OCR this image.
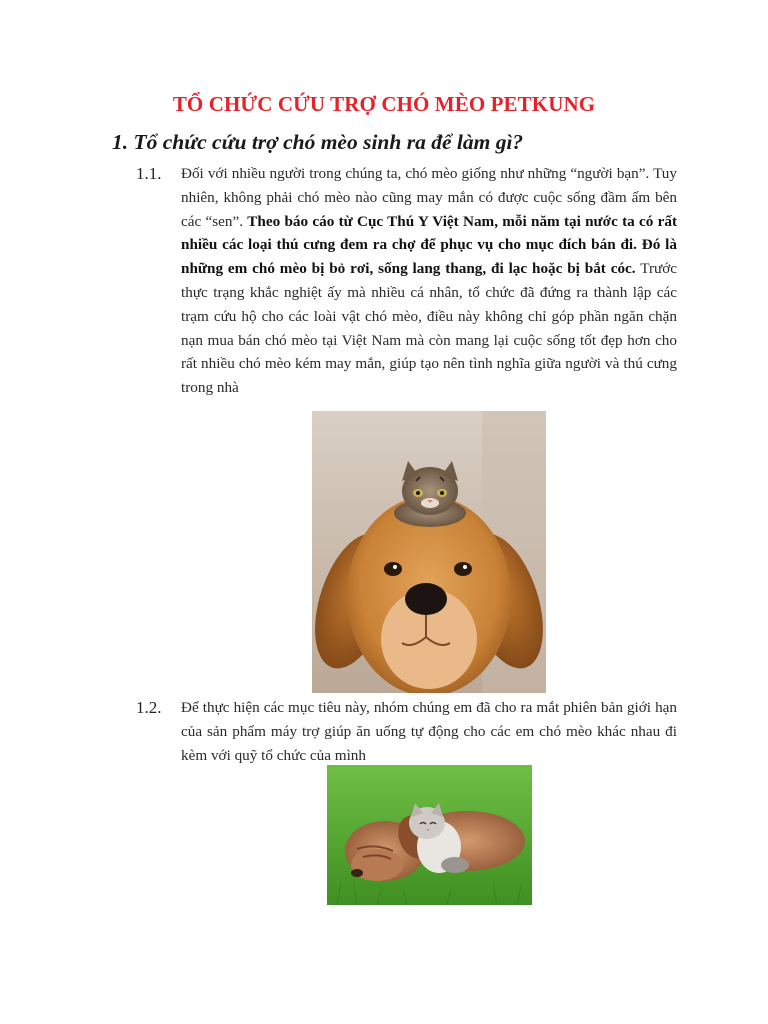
TỔ CHỨC CỨU TRỢ CHÓ MÈO PETKUNG
1. Tổ chức cứu trợ chó mèo sinh ra để làm gì?
1.1. Đối với nhiều người trong chúng ta, chó mèo giống như những “người bạn”. Tuy nhiên, không phải chó mèo nào cũng may mắn có được cuộc sống đầm ấm bên các “sen”. Theo báo cáo từ Cục Thú Y Việt Nam, mỗi năm tại nước ta có rất nhiều các loại thú cưng đem ra chợ để phục vụ cho mục đích bán đi. Đó là những em chó mèo bị bỏ rơi, sống lang thang, đi lạc hoặc bị bắt cóc. Trước thực trạng khắc nghiệt ấy mà nhiều cá nhân, tổ chức đã đứng ra thành lập các trạm cứu hộ cho các loài vật chó mèo, điều này không chỉ góp phần ngăn chặn nạn mua bán chó mèo tại Việt Nam mà còn mang lại cuộc sống tốt đẹp hơn cho rất nhiều chó mèo kém may mắn, giúp tạo nên tình nghĩa giữa người và thú cưng trong nhà
1.2. Để thực hiện các mục tiêu này, nhóm chúng em đã cho ra mắt phiên bản giới hạn của sản phẩm máy trợ giúp ăn uống tự động cho các em chó mèo khác nhau đi kèm với quỹ tổ chức của mình
